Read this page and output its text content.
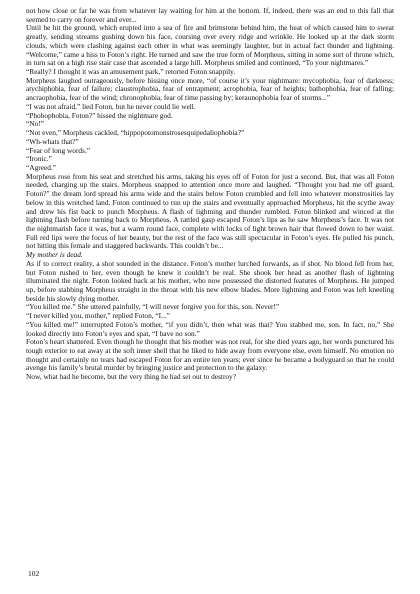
not how close or far he was from whatever lay waiting for him at the bottom. If, indeed, there was an end to this fall that seemed to carry on forever and ever...

Until he hit the ground, which erupted into a sea of fire and brimstone behind him, the heat of which caused him to sweat greatly, sending streams gushing down his face, coursing over every ridge and wrinkle. He looked up at the dark storm clouds, which were clashing against each other in what was seemingly laughter, but in actual fact thunder and lightning. “Welcome,” came a hiss to Foton’s right. He turned and saw the true form of Morpheus, sitting in some sort of throne which, in turn sat on a high rise stair case that ascended a large hill. Morpheus smiled and continued, “To your nightmares.”

“Really? I thought it was an amusement park,” retorted Foton snappily.

Morpheus laughed outrageously, before hissing once more, “of course it’s your nightmare: mycophobia, fear of darkness; atychiphobia, fear of failure; claustrophobia, fear of entrapment; acrophobia, fear of heights; bathophobia, fear of falling; ancraophobia, fear of the wind; chronophobia, fear of time passing by; keraunophobia fear of storms...”

“I was not afraid,” lied Foton, but he never could lie well.

“Phobophobia, Foton?” hissed the nightmare god.

“No!”

“Not even,” Morpheus cackled, “hippopotomonstrosesquipedaliophobia?”

“Wh-whats that?”

“Fear of long words.”

“Ironic.”

“Agreed.”

Morpheus rose from his seat and stretched his arms, taking his eyes off of Foton for just a second. But, that was all Foton needed, charging up the stairs. Morpheus snapped to attention once more and laughed. “Thought you had me off guard, Foton?” the dream lord spread his arms wide and the stairs below Foton crumbled and fell into whatever monstrosities lay below in this wretched land. Foton continued to run up the stairs and eventually approached Morpheus, hit the scythe away and drew his fist back to punch Morpheus. A flash of lightning and thunder rumbled. Foton blinked and winced at the lightning flash before turning back to Morpheus. A rattled gasp escaped Foton’s lips as he saw Morpheus’s face. It was not the nightmarish face it was, but a warm round face, complete with locks of light brown hair that flowed down to her waist. Full red lips were the focus of her beauty, but the rest of the face was still spectacular in Foton’s eyes. He pulled his punch, not hitting this female and staggered backwards. This couldn’t be...

My mother is dead.

As if to correct reality, a shot sounded in the distance. Foton’s mother lurched forwards, as if shot. No blood fell from her, but Foton rushed to her, even though he knew it couldn’t be real. She shook her head as another flash of lightning illuminated the night. Foton looked back at his mother, who now possessed the distorted features of Morpheus. He jumped up, before stabbing Morpheus straight in the throat with his new elbow blades. More lightning and Foton was left kneeling beside his slowly dying mother.

“You killed me.” She uttered painfully, “I will never forgive you for this, son. Never!”

“I never killed you, mother,” replied Foton, “I...”

“You killed me!” interrupted Foton’s mother, “if you didn’t, then what was that? You stabbed me, son. In fact, no,” She looked directly into Foton’s eyes and spat, “I have no son.”

Foton’s heart shattered. Even though he thought that his mother was not real, for she died years ago, her words punctured his tough exterior to eat away at the soft inner shell that he liked to hide away from everyone else, even himself. No emotion no thought and certainly no tears had escaped Foton for an entire ten years; ever since he became a bodyguard so that he could avenge his family’s brutal murder by bringing justice and protection to the galaxy.

Now, what had he become, but the very thing he had set out to destroy?

102
